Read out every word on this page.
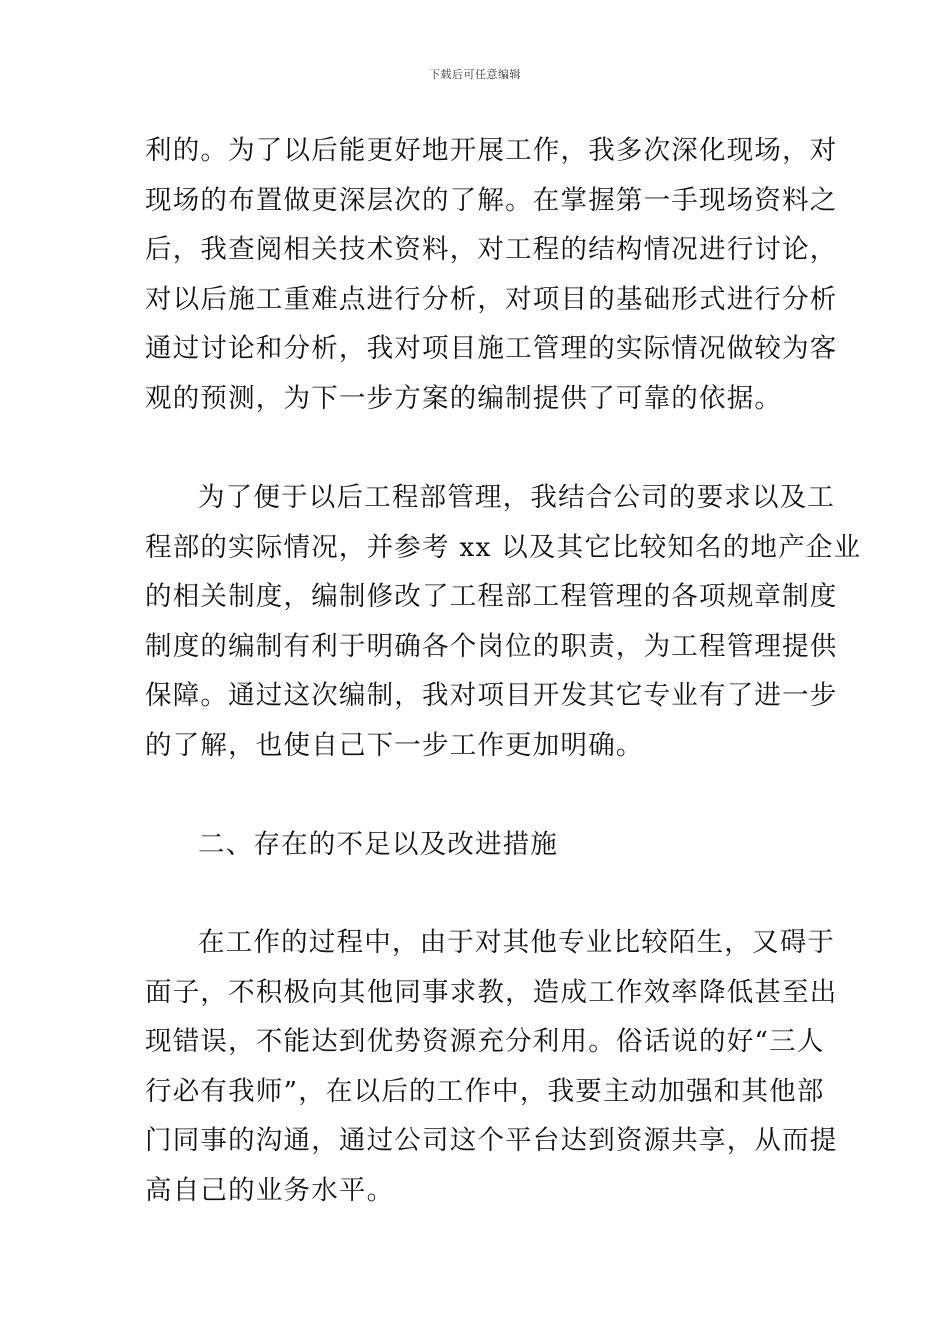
下载后可任意编辑
利的。为了以后能更好地开展工作，我多次深化现场，对
现场的布置做更深层次的了解。在掌握第一手现场资料之
后，我查阅相关技术资料，对工程的结构情况进行讨论，
对以后施工重难点进行分析，对项目的基础形式进行分析
通过讨论和分析，我对项目施工管理的实际情况做较为客
观的预测，为下一步方案的编制提供了可靠的依据。
为了便于以后工程部管理，我结合公司的要求以及工
程部的实际情况，并参考 xx 以及其它比较知名的地产企业
的相关制度，编制修改了工程部工程管理的各项规章制度
制度的编制有利于明确各个岗位的职责，为工程管理提供
保障。通过这次编制，我对项目开发其它专业有了进一步
的了解，也使自己下一步工作更加明确。
二、存在的不足以及改进措施
在工作的过程中，由于对其他专业比较陌生，又碍于
面子，不积极向其他同事求教，造成工作效率降低甚至出
现错误，不能达到优势资源充分利用。俗话说的好“三人
行必有我师”，在以后的工作中，我要主动加强和其他部
门同事的沟通，通过公司这个平台达到资源共享，从而提
高自己的业务水平。
